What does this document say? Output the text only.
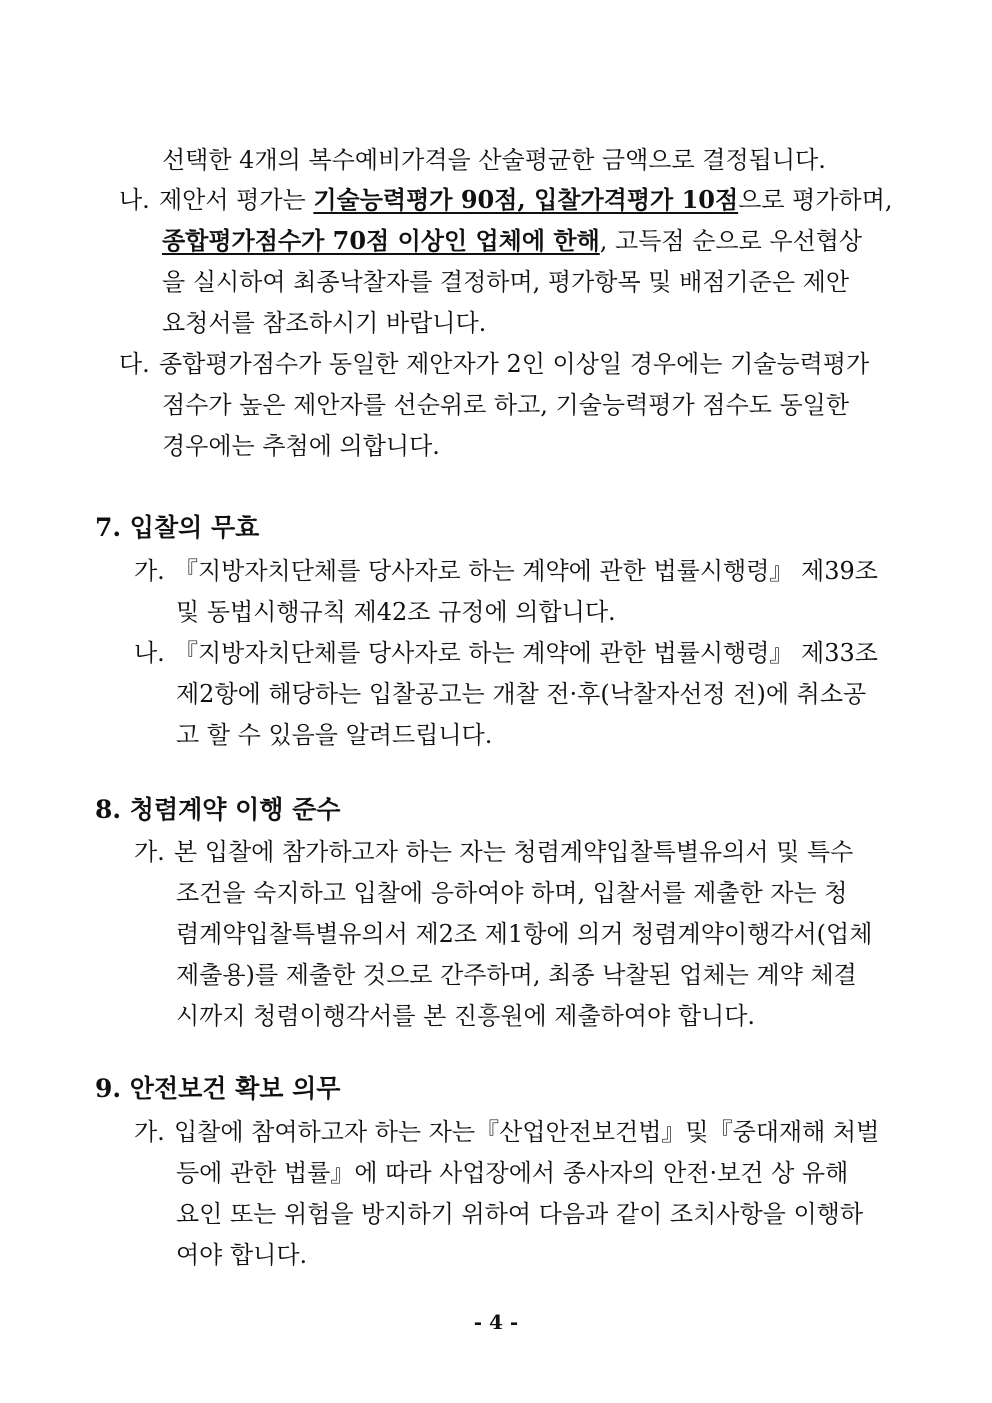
선택한 4개의 복수예비가격을 산술평균한 금액으로 결정됩니다.
나. 제안서 평가는 기술능력평가 90점, 입찰가격평가 10점으로 평가하며,
종합평가점수가 70점 이상인 업체에 한해, 고득점 순으로 우선협상
을 실시하여 최종낙찰자를 결정하며, 평가항목 및 배점기준은 제안
요청서를 참조하시기 바랍니다.
다. 종합평가점수가 동일한 제안자가 2인 이상일 경우에는 기술능력평가
점수가 높은 제안자를 선순위로 하고, 기술능력평가 점수도 동일한
경우에는 추첨에 의합니다.
7. 입찰의 무효
가. 『지방자치단체를 당사자로 하는 계약에 관한 법률시행령』 제39조
및 동법시행규칙 제42조 규정에 의합니다.
나. 『지방자치단체를 당사자로 하는 계약에 관한 법률시행령』 제33조
제2항에 해당하는 입찰공고는 개찰 전·후(낙찰자선정 전)에 취소공
고 할 수 있음을 알려드립니다.
8. 청렴계약 이행 준수
가. 본 입찰에 참가하고자 하는 자는 청렴계약입찰특별유의서 및 특수
조건을 숙지하고 입찰에 응하여야 하며, 입찰서를 제출한 자는 청
렴계약입찰특별유의서 제2조 제1항에 의거 청렴계약이행각서(업체
제출용)를 제출한 것으로 간주하며, 최종 낙찰된 업체는 계약 체결
시까지 청렴이행각서를 본 진흥원에 제출하여야 합니다.
9. 안전보건 확보 의무
가. 입찰에 참여하고자 하는 자는『산업안전보건법』및『중대재해 처벌
등에 관한 법률』에 따라 사업장에서 종사자의 안전·보건 상 유해
요인 또는 위험을 방지하기 위하여 다음과 같이 조치사항을 이행하
여야 합니다.
- 4 -
